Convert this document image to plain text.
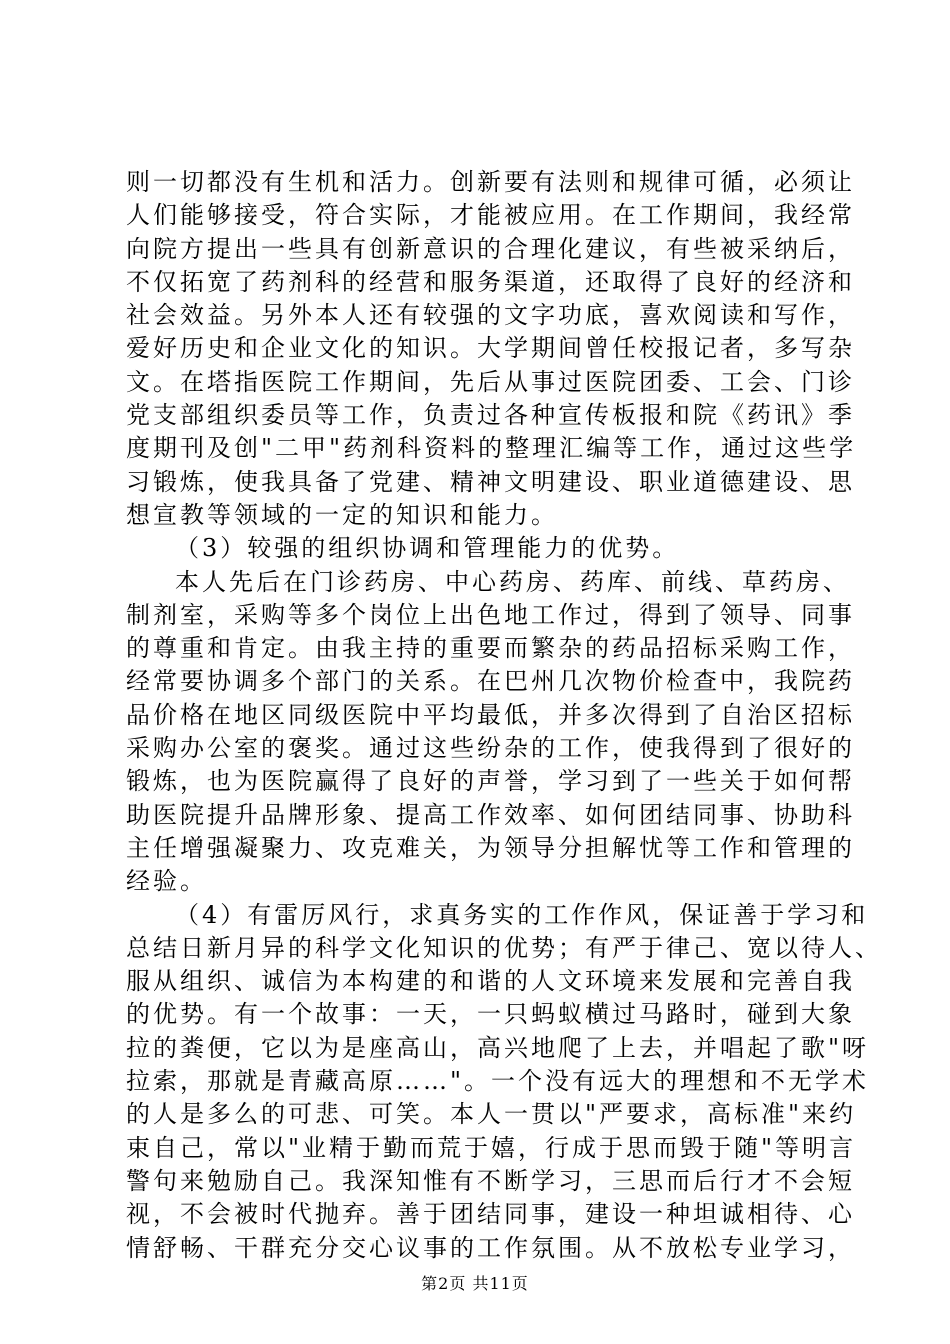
则一切都没有生机和活力。创新要有法则和规律可循，必须让
人们能够接受，符合实际，才能被应用。在工作期间，我经常
向院方提出一些具有创新意识的合理化建议，有些被采纳后，
不仅拓宽了药剂科的经营和服务渠道，还取得了良好的经济和
社会效益。另外本人还有较强的文字功底，喜欢阅读和写作，
爱好历史和企业文化的知识。大学期间曾任校报记者，多写杂
文。在塔指医院工作期间，先后从事过医院团委、工会、门诊
党支部组织委员等工作，负责过各种宣传板报和院《药讯》季
度期刊及创"二甲"药剂科资料的整理汇编等工作，通过这些学
习锻炼，使我具备了党建、精神文明建设、职业道德建设、思
想宣教等领域的一定的知识和能力。
（3）较强的组织协调和管理能力的优势。
本人先后在门诊药房、中心药房、药库、前线、草药房、
制剂室，采购等多个岗位上出色地工作过，得到了领导、同事
的尊重和肯定。由我主持的重要而繁杂的药品招标采购工作，
经常要协调多个部门的关系。在巴州几次物价检查中，我院药
品价格在地区同级医院中平均最低，并多次得到了自治区招标
采购办公室的褒奖。通过这些纷杂的工作，使我得到了很好的
锻炼，也为医院赢得了良好的声誉，学习到了一些关于如何帮
助医院提升品牌形象、提高工作效率、如何团结同事、协助科
主任增强凝聚力、攻克难关，为领导分担解忧等工作和管理的
经验。
（4）有雷厉风行，求真务实的工作作风，保证善于学习和
总结日新月异的科学文化知识的优势；有严于律己、宽以待人、
服从组织、诚信为本构建的和谐的人文环境来发展和完善自我
的优势。有一个故事：一天，一只蚂蚁横过马路时，碰到大象
拉的粪便，它以为是座高山，高兴地爬了上去，并唱起了歌"呀
拉索，那就是青藏高原……"。一个没有远大的理想和不无学术
的人是多么的可悲、可笑。本人一贯以"严要求，高标准"来约
束自己，常以"业精于勤而荒于嬉，行成于思而毁于随"等明言
警句来勉励自己。我深知惟有不断学习，三思而后行才不会短
视，不会被时代抛弃。善于团结同事，建设一种坦诚相待、心
情舒畅、干群充分交心议事的工作氛围。从不放松专业学习，
第2页 共11页
